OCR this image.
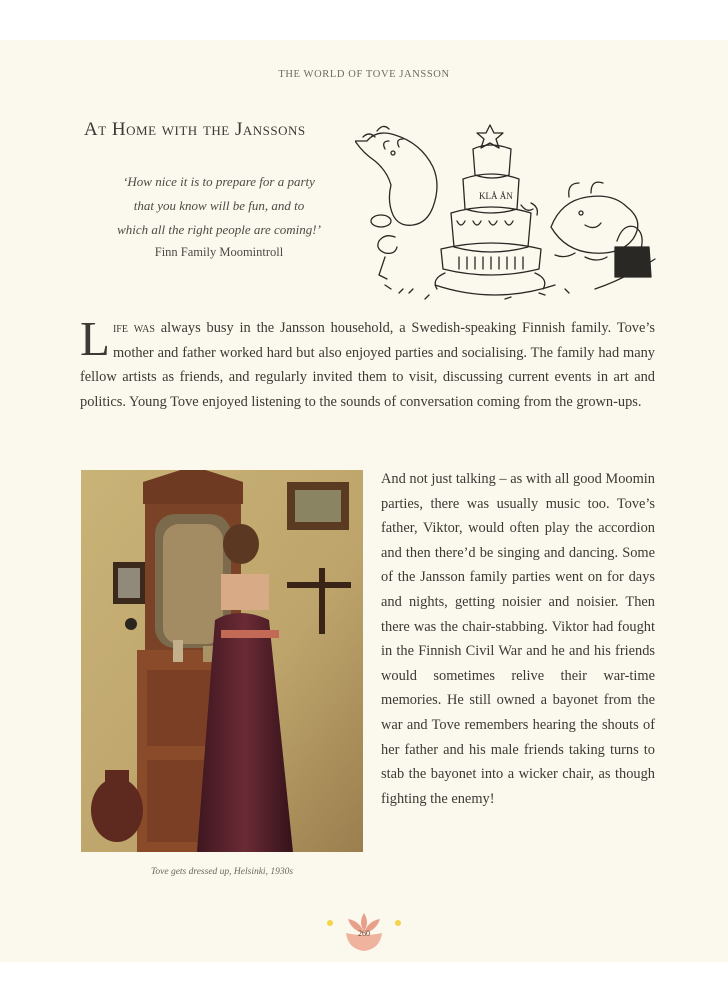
THE WORLD OF TOVE JANSSON
At Home with the Janssons
‘How nice it is to prepare for a party
that you know will be fun, and to
which all the right people are coming!’
Finn Family Moomintroll
KLÅ ÅN
Life was always busy in the Jansson household, a Swedish-speaking Finnish family. Tove’s mother and father worked hard but also enjoyed parties and socialising. The family had many fellow artists as friends, and regularly invited them to visit, discussing current events in art and politics. Young Tove enjoyed listening to the sounds of conversation coming from the grown-ups.
Tove gets dressed up, Helsinki, 1930s
And not just talking – as with all good Moomin parties, there was usually music too. Tove’s father, Viktor, would often play the accordion and then there’d be singing and dancing. Some of the Jansson family parties went on for days and nights, getting noisier and noisier. Then there was the chair-stabbing. Viktor had fought in the Finnish Civil War and he and his friends would sometimes relive their war-time memories. He still owned a bayonet from the war and Tove remembers hearing the shouts of her father and his male friends taking turns to stab the bayonet into a wicker chair, as though fighting the enemy!
260
